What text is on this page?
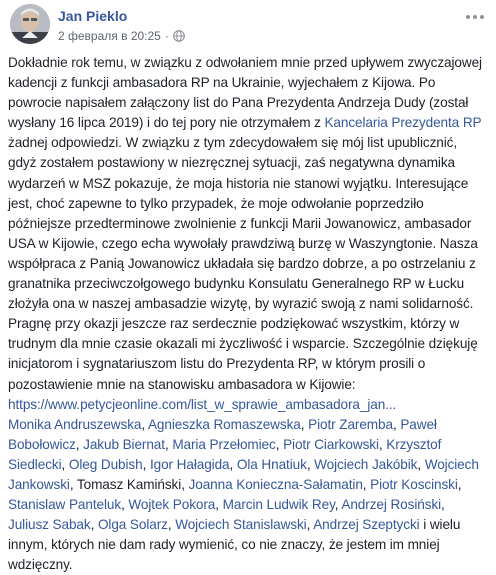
Jan Pieklo
2 февраля в 20:25 ·

Dokładnie rok temu, w związku z odwołaniem mnie przed upływem zwyczajowej kadencji z funkcji ambasadora RP na Ukrainie, wyjechałem z Kijowa. Po powrocie napisałem załączony list do Pana Prezydenta Andrzeja Dudy (został wysłany 16 lipca 2019) i do tej pory nie otrzymałem z Kancelaria Prezydenta RP żadnej odpowiedzi. W związku z tym zdecydowałem się mój list upublicznić, gdyż zostałem postawiony w niezręcznej sytuacji, zaś negatywna dynamika wydarzeń w MSZ pokazuje, że moja historia nie stanowi wyjątku. Interesujące jest, choć zapewne to tylko przypadek, że moje odwołanie poprzedziło późniejsze przedterminowe zwolnienie z funkcji Marii Jowanowicz, ambasador USA w Kijowie, czego echa wywołały prawdziwą burzę w Waszyngtonie. Nasza współpraca z Panią Jowanowicz układała się bardzo dobrze, a po ostrzelaniu z granatnika przeciwczołgowego budynku Konsulatu Generalnego RP w Łucku złożyła ona w naszej ambasadzie wizytę, by wyrazić swoją z nami solidarność.

Pragnę przy okazji jeszcze raz serdecznie podziękować wszystkim, którzy w trudnym dla mnie czasie okazali mi życzliwość i wsparcie. Szczególnie dziękuję inicjatorom i sygnatariuszom listu do Prezydenta RP, w którym prosili o pozostawienie mnie na stanowisku ambasadora w Kijowie:
https://www.petycjeonline.com/list_w_sprawie_ambasadora_jan...
Monika Andruszewska, Agnieszka Romaszewska, Piotr Zaremba, Paweł Bobołowicz, Jakub Biernat, Maria Przełomiec, Piotr Ciarkowski, Krzysztof Siedlecki, Oleg Dubish, Igor Hałagida, Ola Hnatiuk, Wojciech Jakóbik, Wojciech Jankowski, Tomasz Kamiński, Joanna Konieczna-Sałamatin, Piotr Koscinski, Stanislaw Panteluk, Wojtek Pokora, Marcin Ludwik Rey, Andrzej Rosiński, Juliusz Sabak, Olga Solarz, Wojciech Stanislawski, Andrzej Szeptycki i wielu innym, których nie dam rady wymienić, co nie znaczy, że jestem im mniej wdzięczny.
